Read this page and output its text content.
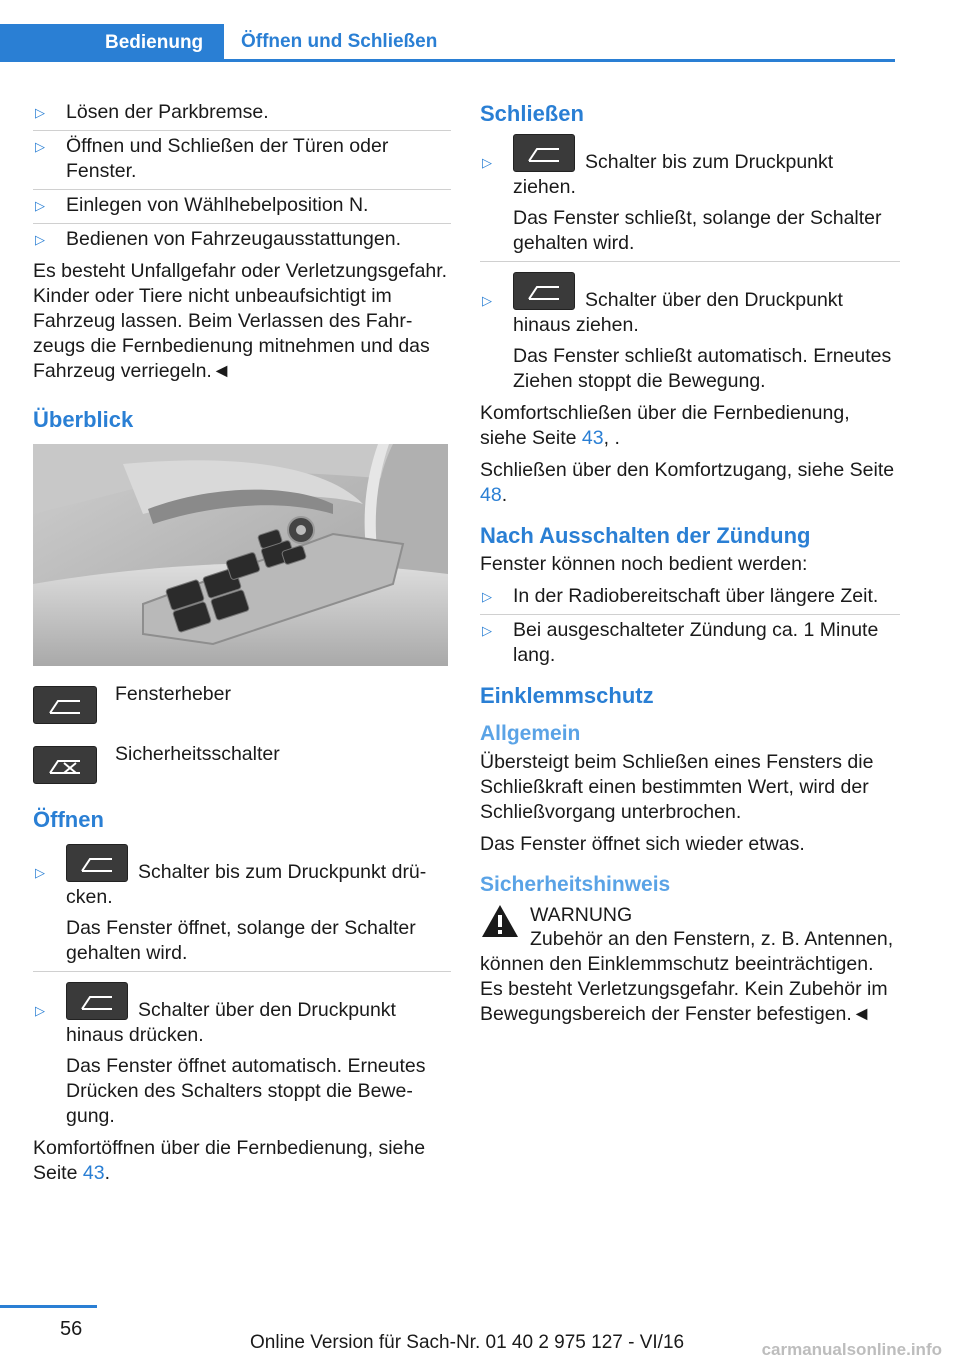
Bedienung	Öffnen und Schließen
▷ Lösen der Parkbremse.
▷ Öffnen und Schließen der Türen oder Fenster.
▷ Einlegen von Wählhebelposition N.
▷ Bedienen von Fahrzeugausstattungen.

Es besteht Unfallgefahr oder Verletzungsgefahr. Kinder oder Tiere nicht unbeaufsichtigt im Fahrzeug lassen. Beim Verlassen des Fahrzeugs die Fernbedienung mitnehmen und das Fahrzeug verriegeln.◄

Überblick
Fensterheber
Sicherheitsschalter
Öffnen
▷	Schalter bis zum Druckpunkt drücken.
Das Fenster öffnet, solange der Schalter gehalten wird.
▷	Schalter über den Druckpunkt hinaus drücken.
Das Fenster öffnet automatisch. Erneutes Drücken des Schalters stoppt die Bewegung.

Komfortöffnen über die Fernbedienung, siehe Seite 43.

Schließen
▷	Schalter bis zum Druckpunkt ziehen.
Das Fenster schließt, solange der Schalter gehalten wird.
▷	Schalter über den Druckpunkt hinaus ziehen.
Das Fenster schließt automatisch. Erneutes Ziehen stoppt die Bewegung.

Komfortschließen über die Fernbedienung, siehe Seite 43, .

Schließen über den Komfortzugang, siehe Seite 48.

Nach Ausschalten der Zündung

Fenster können noch bedient werden:

▷ In der Radiobereitschaft über längere Zeit.
▷ Bei ausgeschalteter Zündung ca. 1 Minute lang.
Einklemmschutz
Allgemein

Übersteigt beim Schließen eines Fensters die Schließkraft einen bestimmten Wert, wird der Schließvorgang unterbrochen.

Das Fenster öffnet sich wieder etwas.

Sicherheitshinweis
WARNUNG

Zubehör an den Fenstern, z. B. Antennen, können den Einklemmschutz beeinträchtigen. Es besteht Verletzungsgefahr. Kein Zubehör im Bewegungsbereich der Fenster befestigen.◄

56
Online Version für Sach-Nr. 01 40 2 975 127 - VI/16	carmanualsonline.info
